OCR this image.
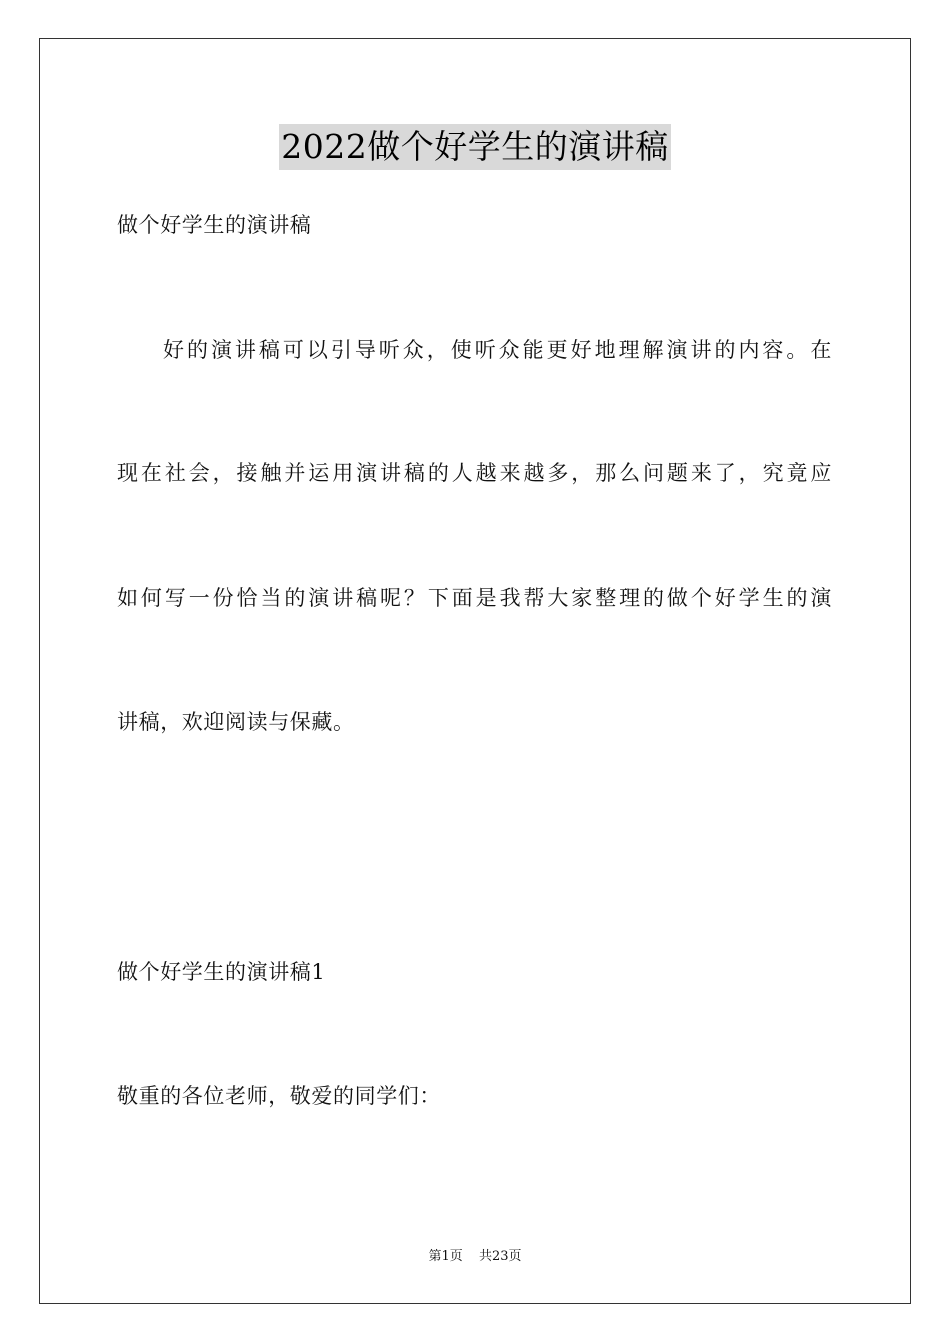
2022做个好学生的演讲稿
做个好学生的演讲稿
好的演讲稿可以引导听众，使听众能更好地理解演讲的内容。在
现在社会，接触并运用演讲稿的人越来越多，那么问题来了，究竟应
如何写一份恰当的演讲稿呢？下面是我帮大家整理的做个好学生的演
讲稿，欢迎阅读与保藏。
做个好学生的演讲稿1
敬重的各位老师，敬爱的同学们：
第1页 共23页
